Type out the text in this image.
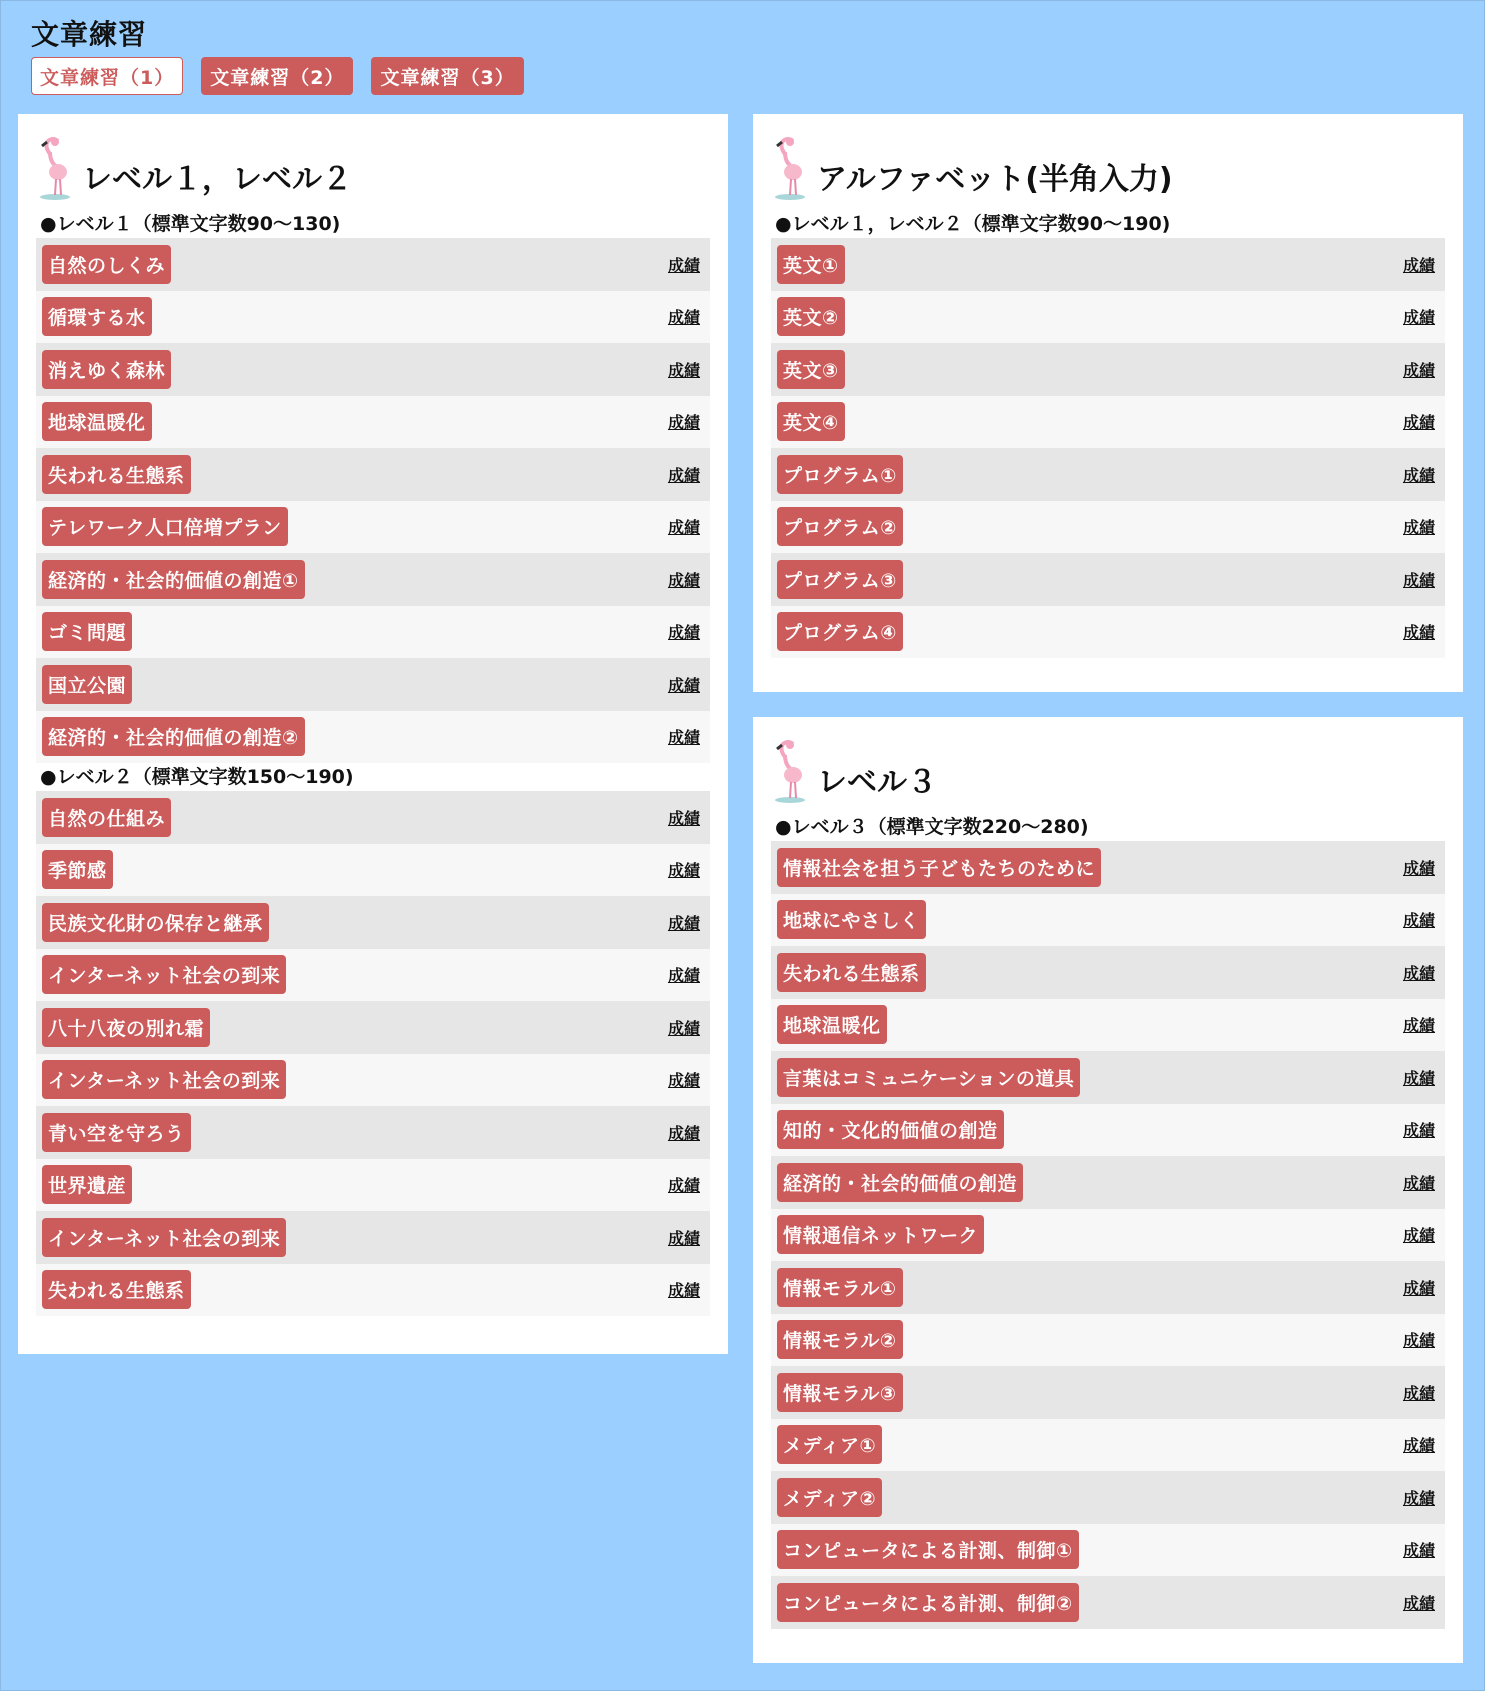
文章練習
文章練習（1）	文章練習（2）	文章練習（3）
レベル１，レベル２
●レベル１（標準文字数90～130)
自然のしくみ	成績
循環する水	成績
消えゆく森林	成績
地球温暖化	成績
失われる生態系	成績
テレワーク人口倍増プラン	成績
経済的・社会的価値の創造①	成績
ゴミ問題	成績
国立公園	成績
経済的・社会的価値の創造②	成績
●レベル２（標準文字数150～190)
自然の仕組み	成績
季節感	成績
民族文化財の保存と継承	成績
インターネット社会の到来	成績
八十八夜の別れ霜	成績
インターネット社会の到来	成績
青い空を守ろう	成績
世界遺産	成績
インターネット社会の到来	成績
失われる生態系	成績
アルファベット(半角入力)
●レベル１，レベル２（標準文字数90～190)
英文①	成績
英文②	成績
英文③	成績
英文④	成績
プログラム①	成績
プログラム②	成績
プログラム③	成績
プログラム④	成績
レベル３
●レベル３（標準文字数220～280)
情報社会を担う子どもたちのために	成績
地球にやさしく	成績
失われる生態系	成績
地球温暖化	成績
言葉はコミュニケーションの道具	成績
知的・文化的価値の創造	成績
経済的・社会的価値の創造	成績
情報通信ネットワーク	成績
情報モラル①	成績
情報モラル②	成績
情報モラル③	成績
メディア①	成績
メディア②	成績
コンピュータによる計測、制御①	成績
コンピュータによる計測、制御②	成績
